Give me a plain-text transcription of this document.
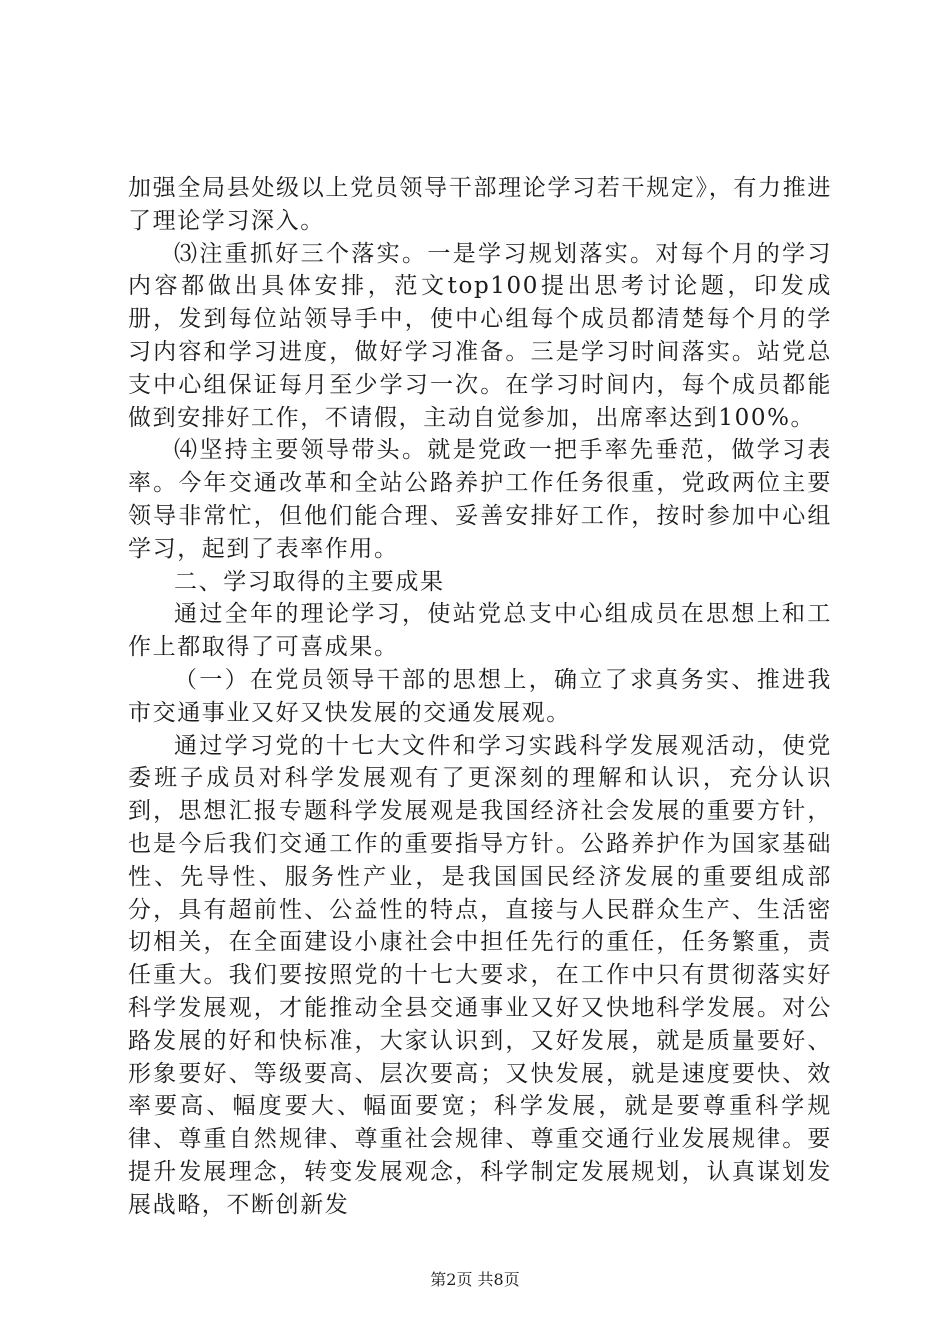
加强全局县处级以上党员领导干部理论学习若干规定》，有力推进了理论学习深入。

⑶注重抓好三个落实。一是学习规划落实。对每个月的学习内容都做出具体安排，范文top100提出思考讨论题，印发成册，发到每位站领导手中，使中心组每个成员都清楚每个月的学习内容和学习进度，做好学习准备。三是学习时间落实。站党总支中心组保证每月至少学习一次。在学习时间内，每个成员都能做到安排好工作，不请假，主动自觉参加，出席率达到100%。

⑷坚持主要领导带头。就是党政一把手率先垂范，做学习表率。今年交通改革和全站公路养护工作任务很重，党政两位主要领导非常忙，但他们能合理、妥善安排好工作，按时参加中心组学习，起到了表率作用。

二、学习取得的主要成果

通过全年的理论学习，使站党总支中心组成员在思想上和工作上都取得了可喜成果。

（一）在党员领导干部的思想上，确立了求真务实、推进我市交通事业又好又快发展的交通发展观。

通过学习党的十七大文件和学习实践科学发展观活动，使党委班子成员对科学发展观有了更深刻的理解和认识，充分认识到，思想汇报专题科学发展观是我国经济社会发展的重要方针，也是今后我们交通工作的重要指导方针。公路养护作为国家基础性、先导性、服务性产业，是我国国民经济发展的重要组成部分，具有超前性、公益性的特点，直接与人民群众生产、生活密切相关，在全面建设小康社会中担任先行的重任，任务繁重，责任重大。我们要按照党的十七大要求，在工作中只有贯彻落实好科学发展观，才能推动全县交通事业又好又快地科学发展。对公路发展的好和快标准，大家认识到，又好发展，就是质量要好、形象要好、等级要高、层次要高；又快发展，就是速度要快、效率要高、幅度要大、幅面要宽；科学发展，就是要尊重科学规律、尊重自然规律、尊重社会规律、尊重交通行业发展规律。要提升发展理念，转变发展观念，科学制定发展规划，认真谋划发展战略，不断创新发

第2页 共8页
